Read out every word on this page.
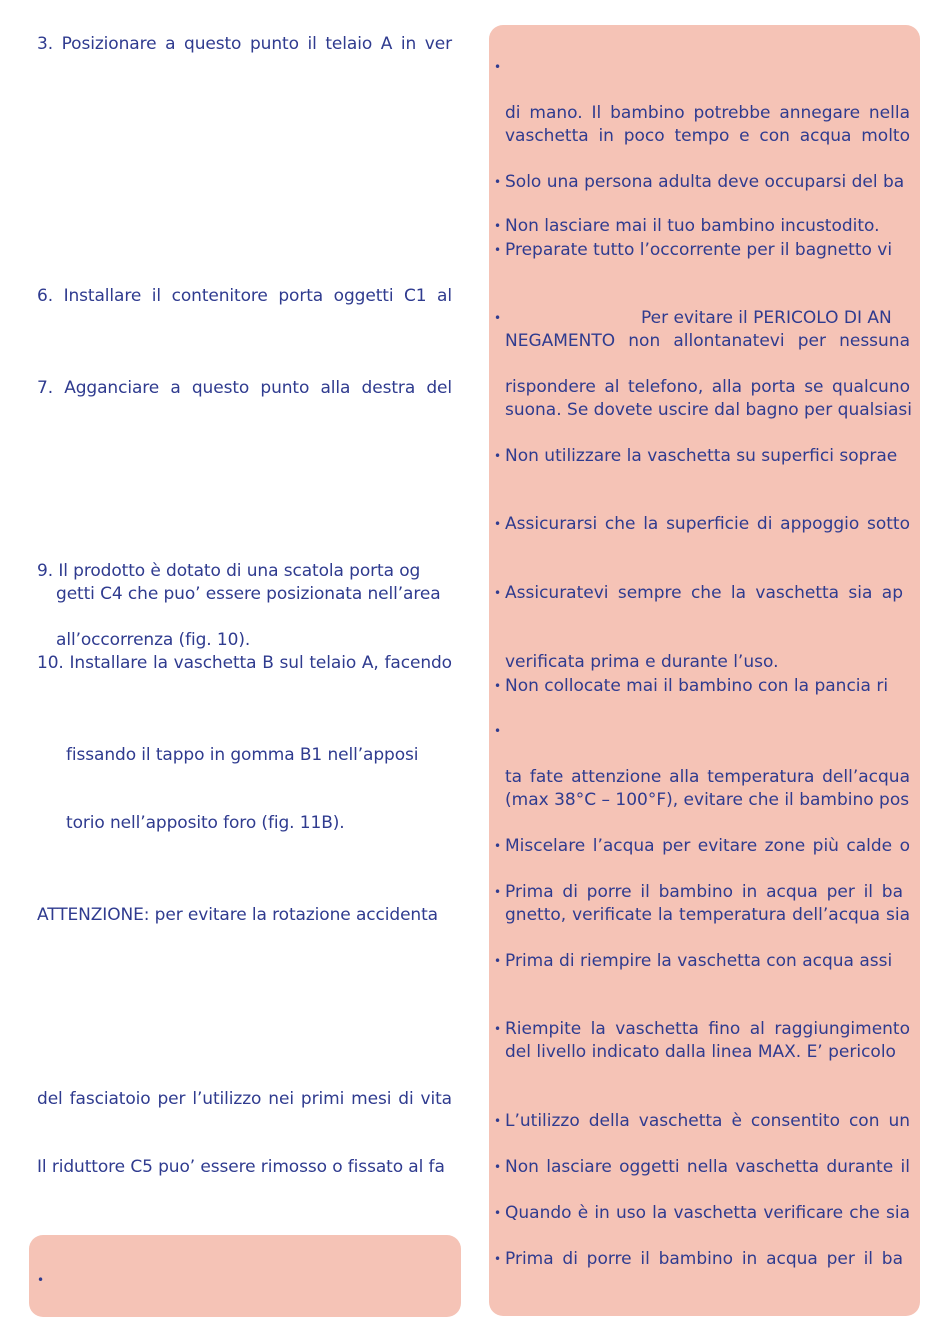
3. Posizionare a questo punto il telaio A in ver
6. Installare il contenitore porta oggetti C1 al
7. Agganciare a questo punto alla destra del
9. Il prodotto è dotato di una scatola porta og
getti C4 che puo’ essere posizionata nell’area
all’occorrenza (fig. 10).
10. Installare la vaschetta B sul telaio A, facendo
fissando il tappo in gomma B1 nell’apposi
torio nell’apposito foro (fig. 11B).
ATTENZIONE: per evitare la rotazione accidenta
del fasciatoio per l’utilizzo nei primi mesi di vita
Il riduttore C5 puo’ essere rimosso o fissato al fa
•
•
di mano. Il bambino potrebbe annegare nella
vaschetta in poco tempo e con acqua molto
• Solo una persona adulta deve occuparsi del ba
• Non lasciare mai il tuo bambino incustodito.
• Preparate tutto l’occorrente per il bagnetto vi
•	Per evitare il PERICOLO DI AN
NEGAMENTO non allontanatevi per nessuna
rispondere al telefono, alla porta se qualcuno
suona. Se dovete uscire dal bagno per qualsiasi
• Non utilizzare la vaschetta su superfici soprae
• Assicurarsi che la superficie di appoggio sotto
• Assicuratevi sempre che la vaschetta sia ap
verificata prima e durante l’uso.
• Non collocate mai il bambino con la pancia ri
•
ta fate attenzione alla temperatura dell’acqua
(max 38°C – 100°F), evitare che il bambino pos
• Miscelare l’acqua per evitare zone più calde o
• Prima di porre il bambino in acqua per il ba
gnetto, verificate la temperatura dell’acqua sia
• Prima di riempire la vaschetta con acqua assi
• Riempite la vaschetta fino al raggiungimento
del livello indicato dalla linea MAX. E’ pericolo
• L’utilizzo della vaschetta è consentito con un
• Non lasciare oggetti nella vaschetta durante il
• Quando è in uso la vaschetta verificare che sia
• Prima di porre il bambino in acqua per il ba
